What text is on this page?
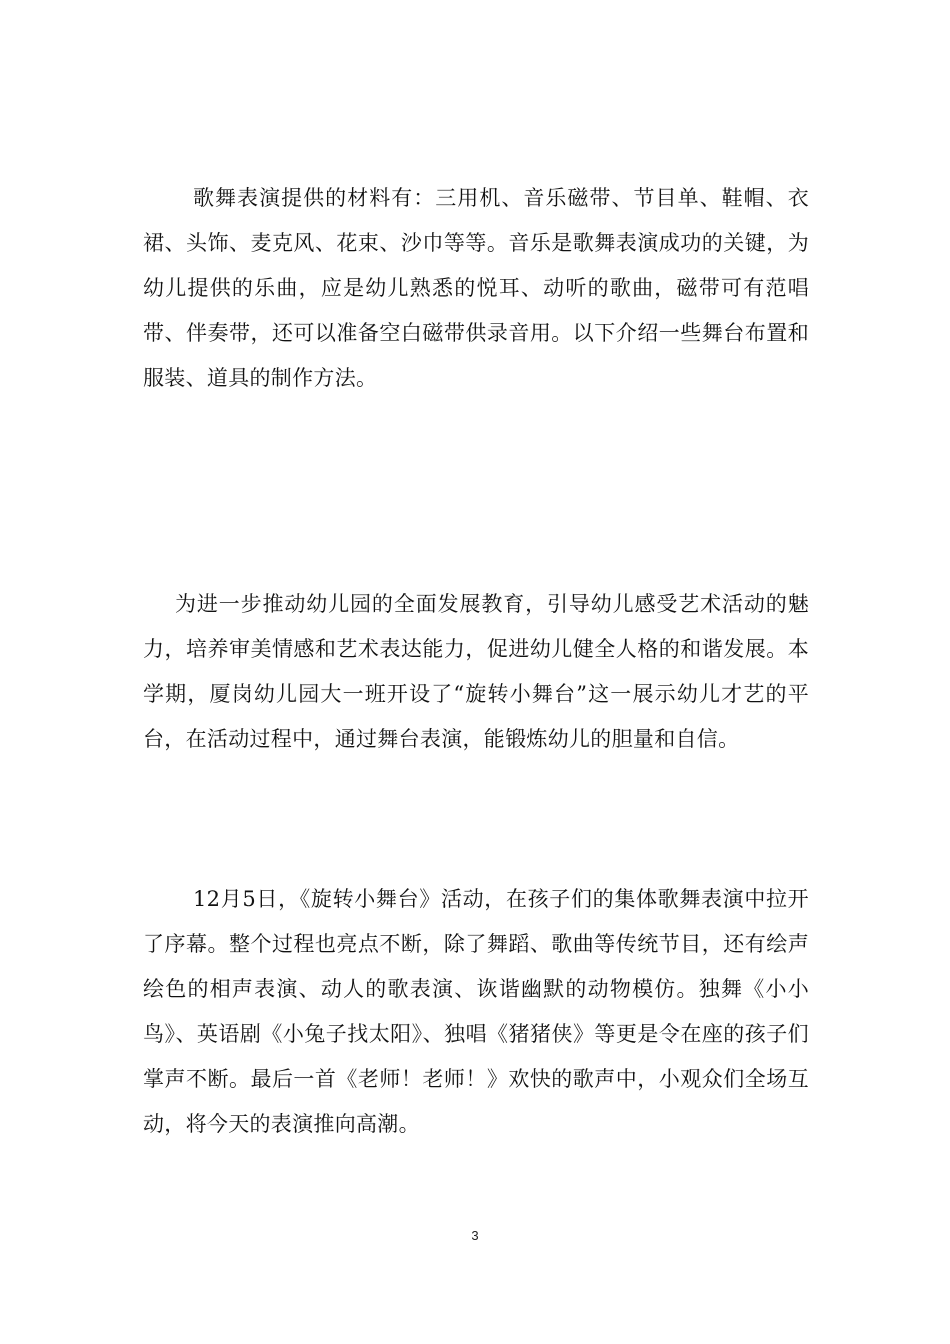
歌舞表演提供的材料有：三用机、音乐磁带、节目单、鞋帽、衣裙、头饰、麦克风、花束、沙巾等等。音乐是歌舞表演成功的关键，为幼儿提供的乐曲，应是幼儿熟悉的悦耳、动听的歌曲，磁带可有范唱带、伴奏带，还可以准备空白磁带供录音用。以下介绍一些舞台布置和服装、道具的制作方法。

为进一步推动幼儿园的全面发展教育，引导幼儿感受艺术活动的魅力，培养审美情感和艺术表达能力，促进幼儿健全人格的和谐发展。本学期，厦岗幼儿园大一班开设了“旋转小舞台”这一展示幼儿才艺的平台，在活动过程中，通过舞台表演，能锻炼幼儿的胆量和自信。

12月5日，《旋转小舞台》活动，在孩子们的集体歌舞表演中拉开了序幕。整个过程也亮点不断，除了舞蹈、歌曲等传统节目，还有绘声绘色的相声表演、动人的歌表演、诙谐幽默的动物模仿。独舞《小小鸟》、英语剧《小兔子找太阳》、独唱《猪猪侠》等更是令在座的孩子们掌声不断。最后一首《老师！老师！》欢快的歌声中，小观众们全场互动，将今天的表演推向高潮。

3
